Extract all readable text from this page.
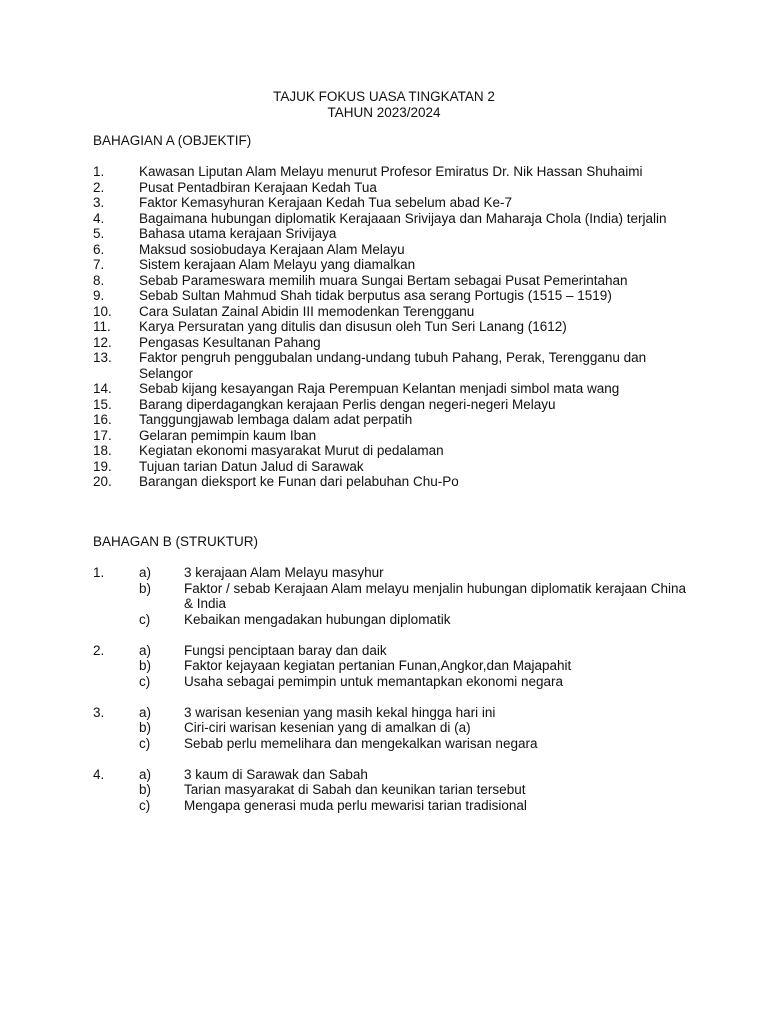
TAJUK FOKUS UASA TINGKATAN 2
TAHUN 2023/2024
BAHAGIAN A (OBJEKTIF)
1.	Kawasan Liputan Alam Melayu menurut Profesor Emiratus Dr. Nik Hassan Shuhaimi
2.	Pusat Pentadbiran Kerajaan Kedah Tua
3.	Faktor Kemasyhuran Kerajaan Kedah Tua sebelum abad Ke-7
4.	Bagaimana hubungan diplomatik Kerajaaan Srivijaya dan Maharaja Chola (India) terjalin
5.	Bahasa utama kerajaan Srivijaya
6.	Maksud sosiobudaya Kerajaan Alam Melayu
7.	Sistem kerajaan Alam Melayu yang diamalkan
8.	Sebab Parameswara memilih muara Sungai Bertam sebagai Pusat Pemerintahan
9.	Sebab Sultan Mahmud Shah tidak berputus asa serang Portugis (1515 – 1519)
10.	Cara Sulatan Zainal Abidin III memodenkan Terengganu
11.	Karya Persuratan yang ditulis dan disusun oleh Tun Seri Lanang (1612)
12.	Pengasas Kesultanan Pahang
13.	Faktor pengruh penggubalan undang-undang tubuh Pahang, Perak, Terengganu dan Selangor
14.	Sebab kijang kesayangan Raja Perempuan Kelantan menjadi simbol mata wang
15.	Barang diperdagangkan kerajaan Perlis dengan negeri-negeri Melayu
16.	Tanggungjawab lembaga dalam adat perpatih
17.	Gelaran pemimpin kaum Iban
18.	Kegiatan ekonomi masyarakat Murut di pedalaman
19.	Tujuan tarian Datun Jalud di Sarawak
20.	Barangan dieksport ke Funan dari pelabuhan Chu-Po
BAHAGAN B (STRUKTUR)
1.	a)	3 kerajaan Alam Melayu masyhur
b)	Faktor / sebab Kerajaan Alam melayu menjalin hubungan diplomatik kerajaan China & India
c)	Kebaikan mengadakan hubungan diplomatik
2.	a)	Fungsi penciptaan baray dan daik
b)	Faktor kejayaan kegiatan pertanian Funan,Angkor,dan Majapahit
c)	Usaha sebagai pemimpin untuk memantapkan ekonomi negara
3.	a)	3 warisan kesenian yang masih kekal hingga hari ini
b)	Ciri-ciri warisan kesenian yang di amalkan di (a)
c)	Sebab perlu memelihara dan mengekalkan warisan negara
4.	a)	3 kaum di Sarawak dan Sabah
b)	Tarian masyarakat di Sabah dan keunikan tarian tersebut
c)	Mengapa generasi muda perlu mewarisi tarian tradisional
